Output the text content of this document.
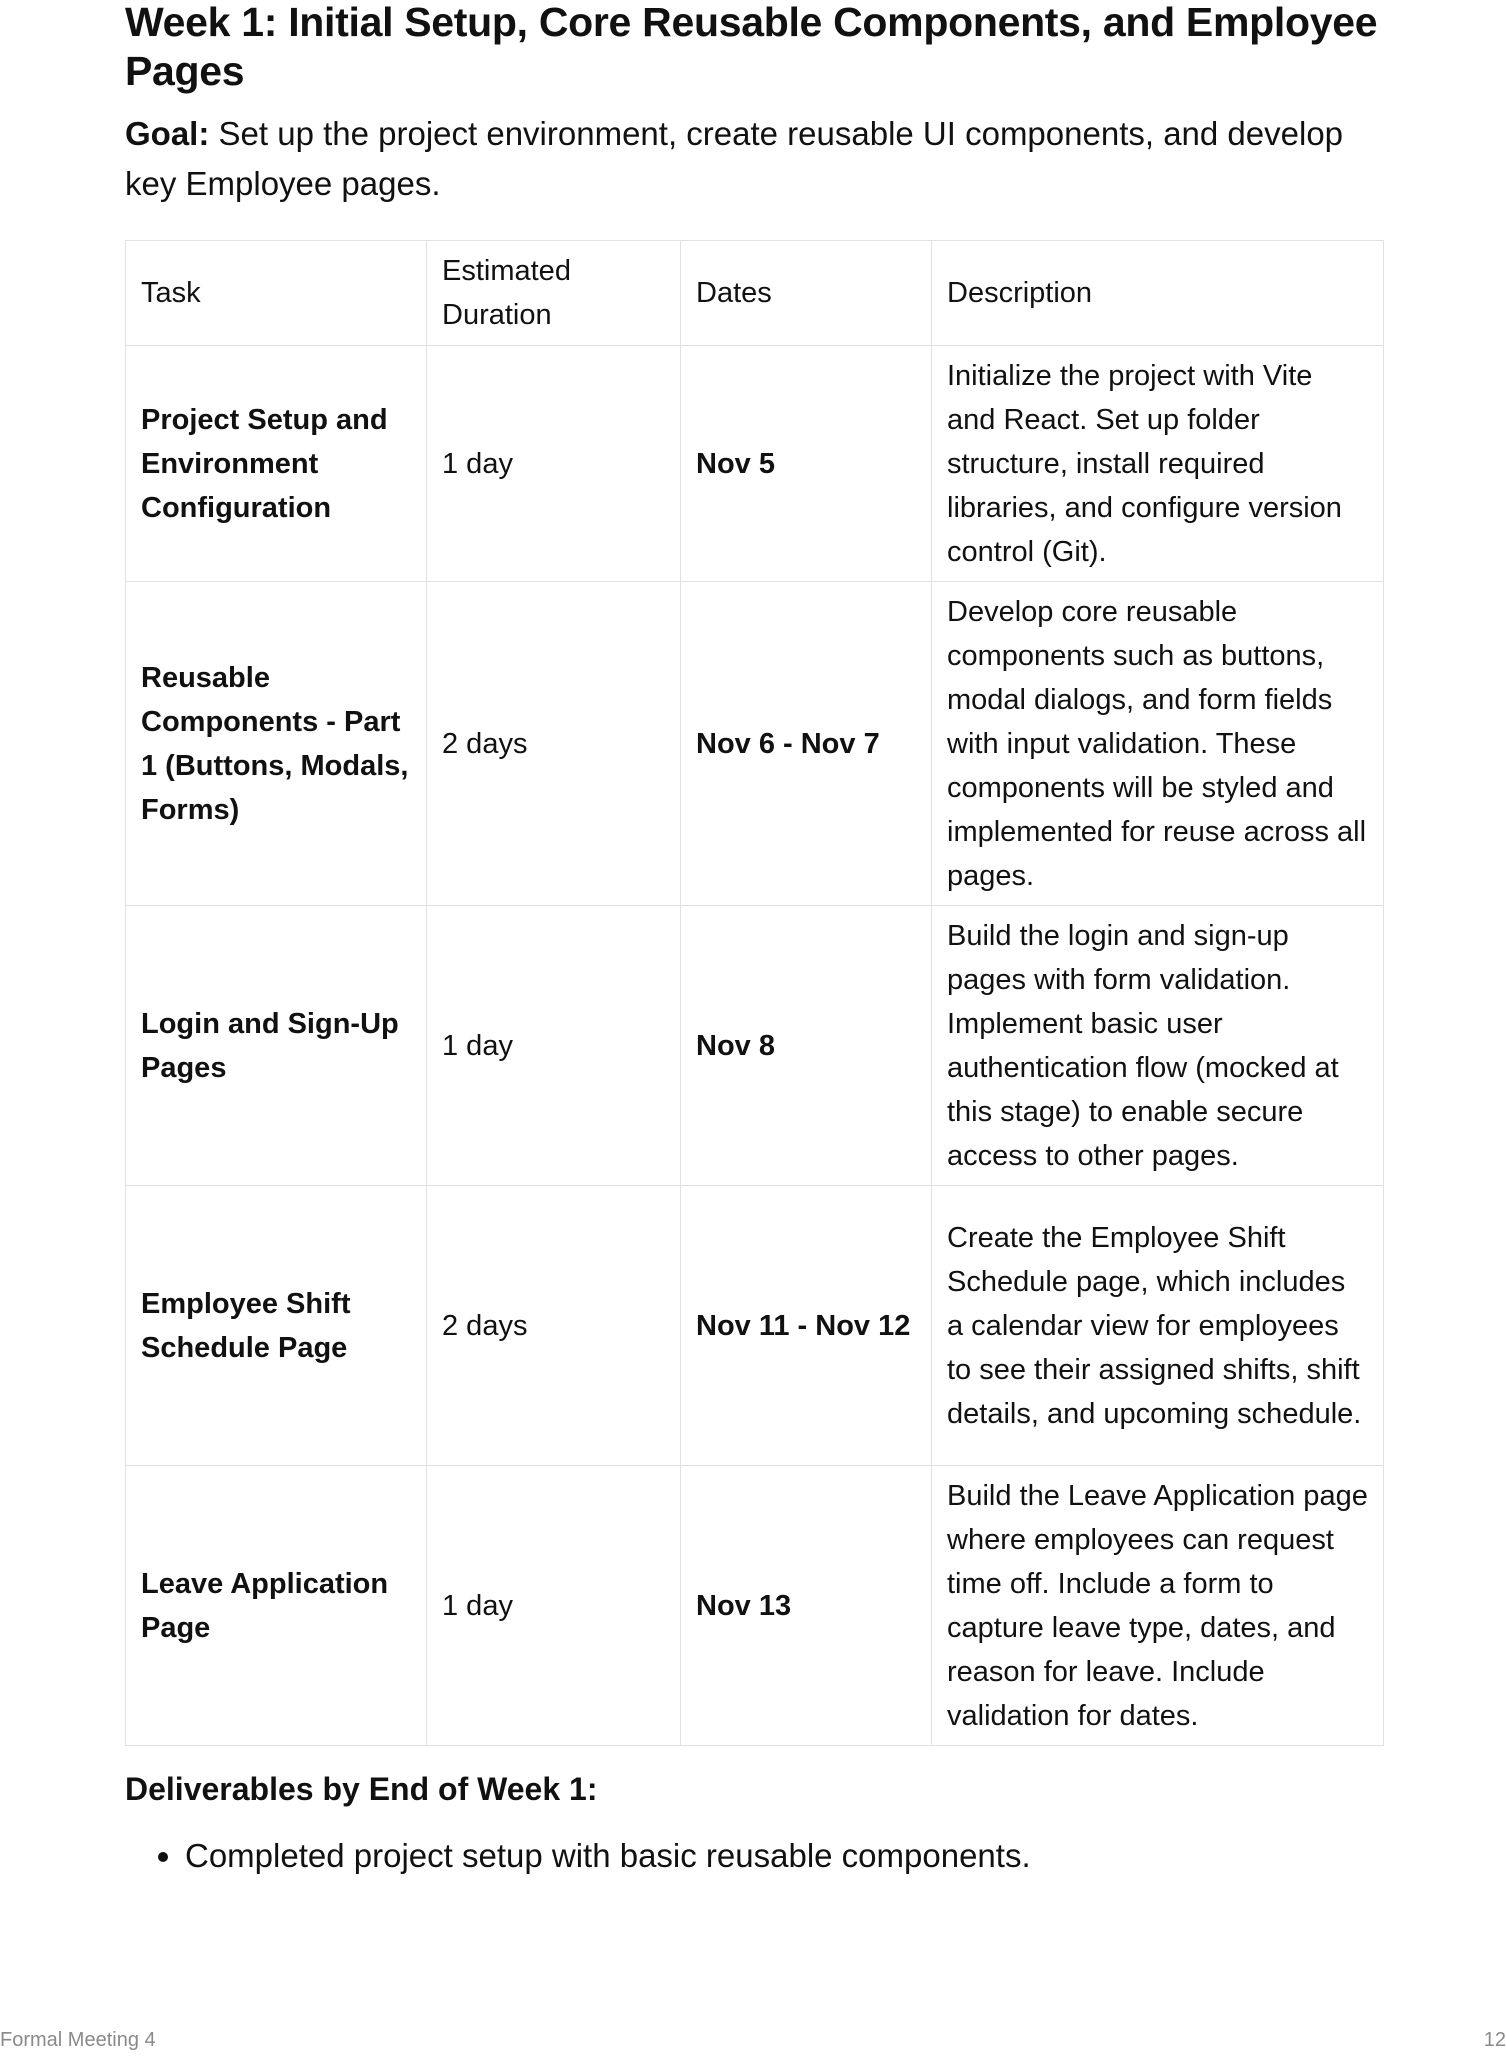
Week 1: Initial Setup, Core Reusable Components, and Employee Pages

Goal: Set up the project environment, create reusable UI components, and develop key Employee pages.

Task	Estimated Duration	Dates	Description
Project Setup and Environment Configuration	1 day	Nov 5	Initialize the project with Vite and React. Set up folder structure, install required libraries, and configure version control (Git).
Reusable Components - Part 1 (Buttons, Modals, Forms)	2 days	Nov 6 - Nov 7	Develop core reusable components such as buttons, modal dialogs, and form fields with input validation. These components will be styled and implemented for reuse across all pages.
Login and Sign-Up Pages	1 day	Nov 8	Build the login and sign-up pages with form validation. Implement basic user authentication flow (mocked at this stage) to enable secure access to other pages.
Employee Shift Schedule Page	2 days	Nov 11 - Nov 12	Create the Employee Shift Schedule page, which includes a calendar view for employees to see their assigned shifts, shift details, and upcoming schedule.
Leave Application Page	1 day	Nov 13	Build the Leave Application page where employees can request time off. Include a form to capture leave type, dates, and reason for leave. Include validation for dates.
Deliverables by End of Week 1:
• Completed project setup with basic reusable components.
Formal Meeting 4	12
